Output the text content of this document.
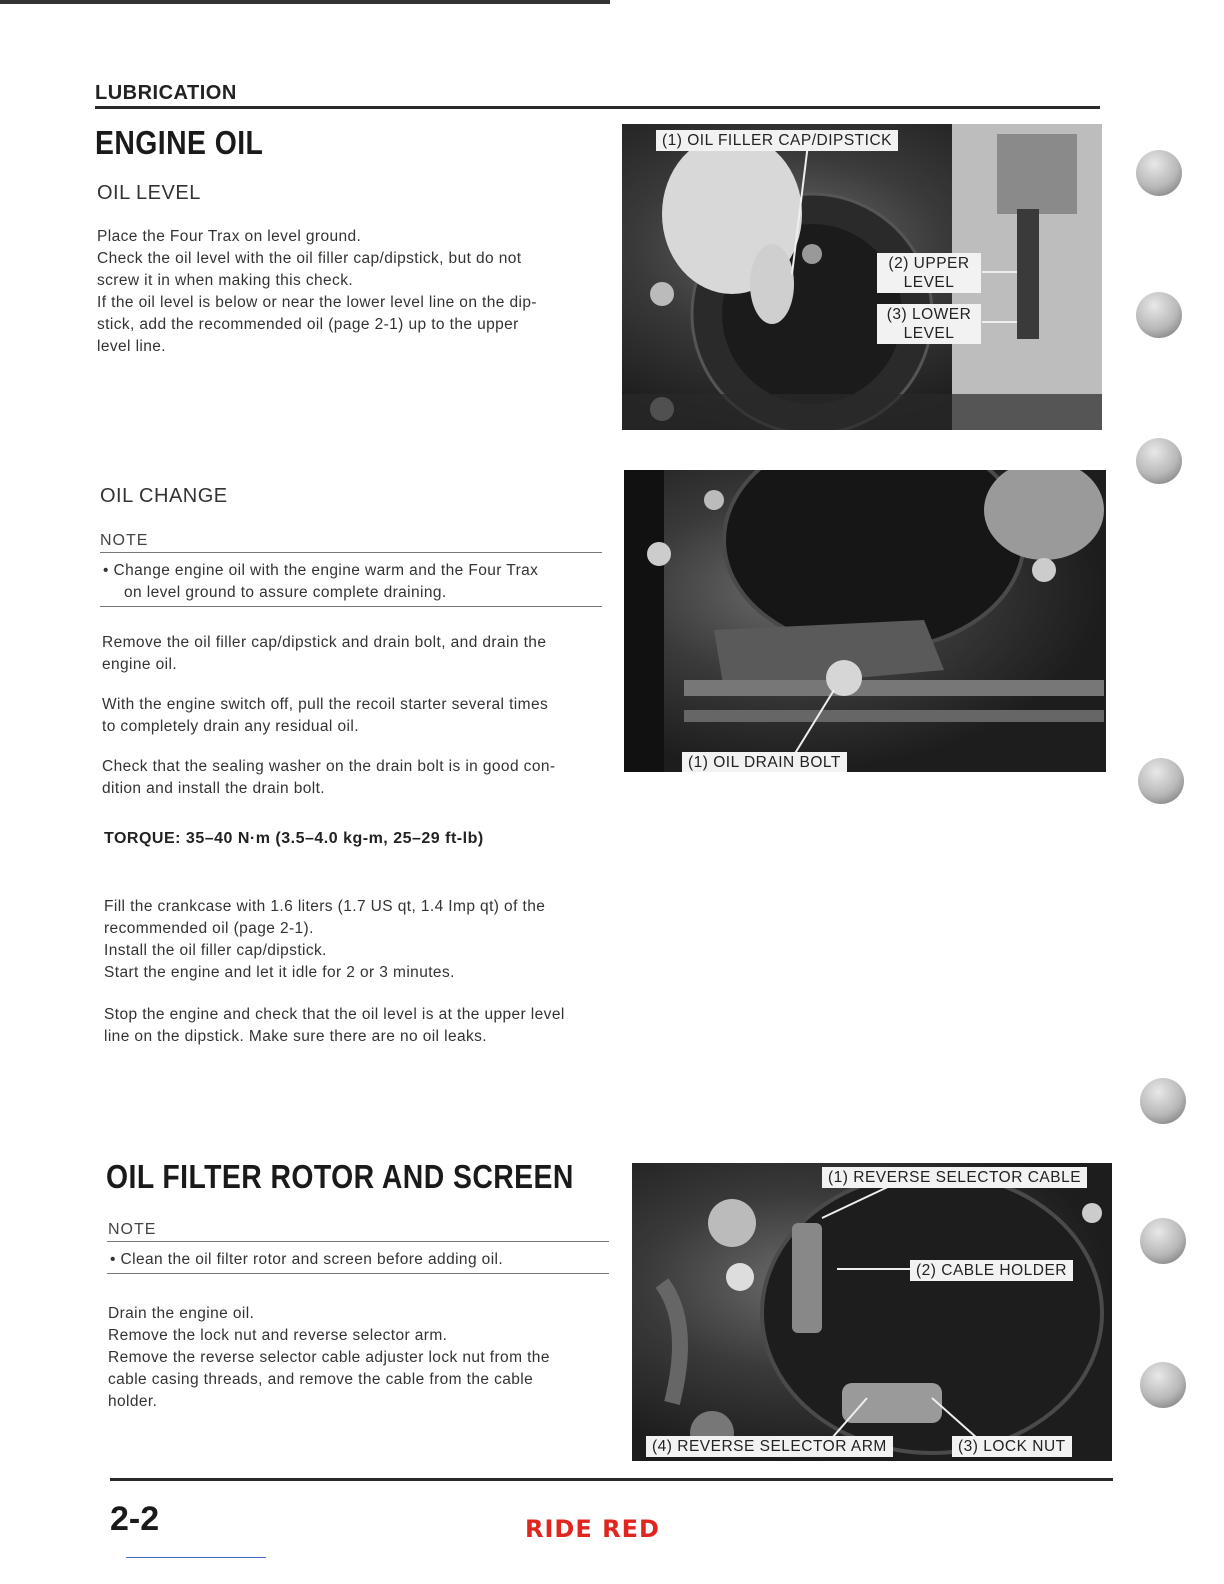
LUBRICATION
ENGINE OIL
OIL LEVEL
Place the Four Trax on level ground.
Check the oil level with the oil filler cap/dipstick, but do not
screw it in when making this check.
If the oil level is below or near the lower level line on the dip-
stick, add the recommended oil (page 2-1) up to the upper
level line.
OIL CHANGE
NOTE
• Change engine oil with the engine warm and the Four Trax
on level ground to assure complete draining.

Remove the oil filler cap/dipstick and drain bolt, and drain the
engine oil.

With the engine switch off, pull the recoil starter several times
to completely drain any residual oil.

Check that the sealing washer on the drain bolt is in good con-
dition and install the drain bolt.

TORQUE: 35–40 N·m (3.5–4.0 kg-m, 25–29 ft-lb)

Fill the crankcase with 1.6 liters (1.7 US qt, 1.4 Imp qt) of the
recommended oil (page 2-1).
Install the oil filler cap/dipstick.
Start the engine and let it idle for 2 or 3 minutes.

Stop the engine and check that the oil level is at the upper level
line on the dipstick. Make sure there are no oil leaks.

OIL FILTER ROTOR AND SCREEN
NOTE
• Clean the oil filter rotor and screen before adding oil.
Drain the engine oil.
Remove the lock nut and reverse selector arm.
Remove the reverse selector cable adjuster lock nut from the
cable casing threads, and remove the cable from the cable
holder.
(1) OIL FILLER CAP/DIPSTICK
(2) UPPER
LEVEL
(3) LOWER
LEVEL
(1) OIL DRAIN BOLT
(1) REVERSE SELECTOR CABLE
(2) CABLE HOLDER
(4) REVERSE SELECTOR ARM	(3) LOCK NUT
2-2	RIDE RED
